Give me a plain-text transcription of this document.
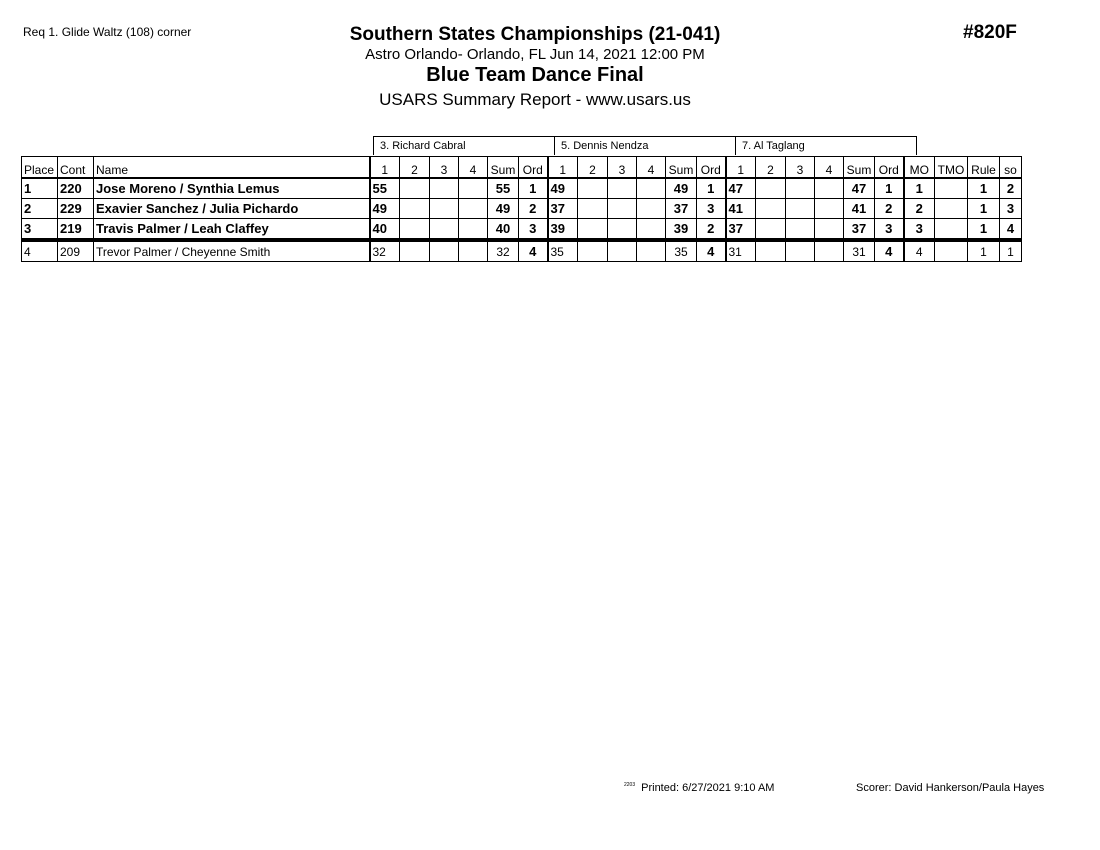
Req 1. Glide Waltz (108) corner	#820F
Southern States Championships (21-041)
Astro Orlando- Orlando, FL Jun 14, 2021 12:00 PM
Blue Team Dance Final
USARS Summary Report - www.usars.us
3. Richard Cabral	5. Dennis Nendza	7. Al Taglang
Place	Cont	Name	1	2	3	4	Sum	Ord	1	2	3	4	Sum	Ord	1	2	3	4	Sum	Ord	MO	TMO	Rule	so
1	220	Jose Moreno / Synthia Lemus	55				55	1	49				49	1	47				47	1	1		1	2
2	229	Exavier Sanchez / Julia Pichardo	49				49	2	37				37	3	41				41	2	2		1	3
3	219	Travis Palmer / Leah Claffey	40				40	3	39				39	2	37				37	3	3		1	4
4	209	Trevor Palmer / Cheyenne Smith	32				32	4	35				35	4	31				31	4	4		1	1
$^{2203}$ Printed: 6/27/2021 9:10 AM	Scorer: David Hankerson/Paula Hayes
